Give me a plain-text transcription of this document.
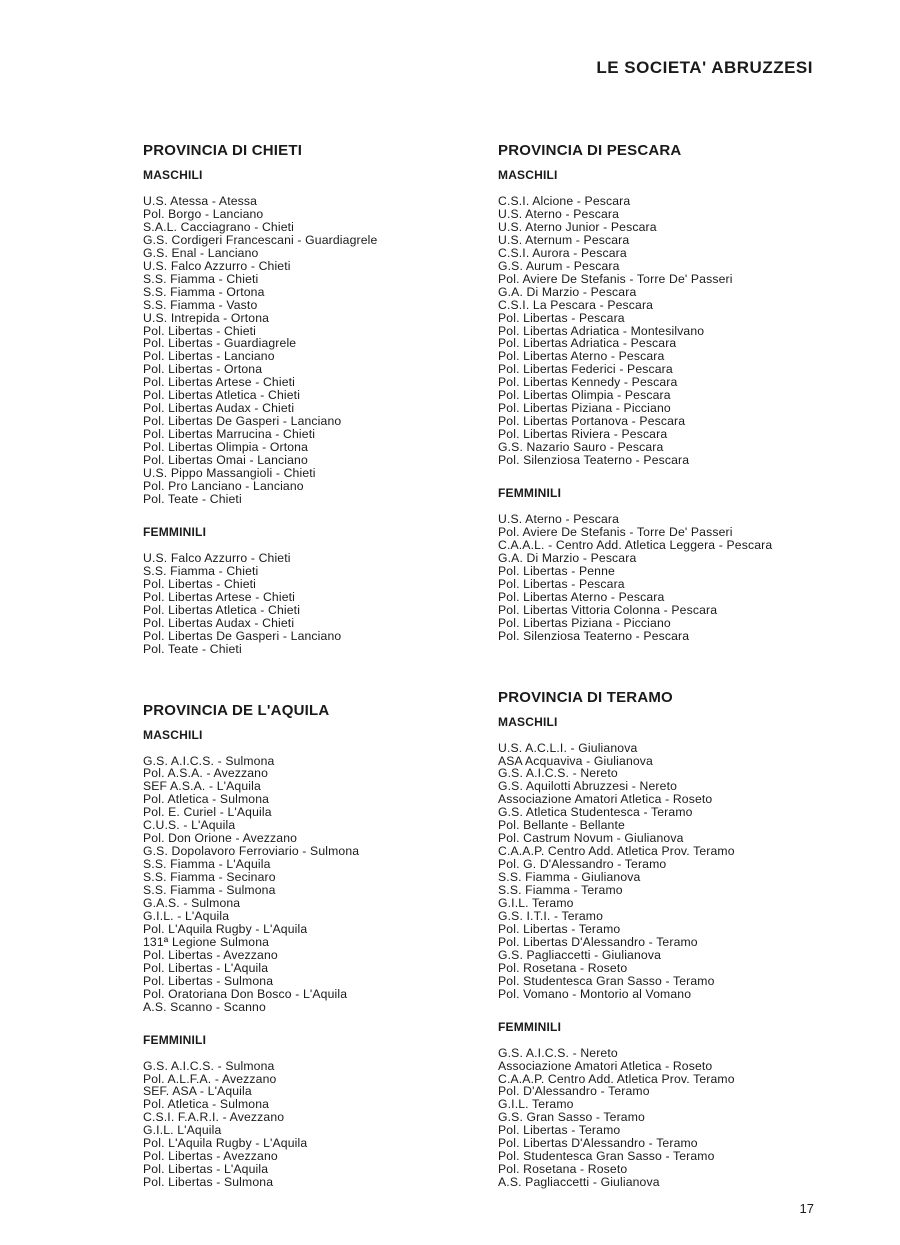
LE SOCIETA' ABRUZZESI
PROVINCIA DI CHIETI
MASCHILI
U.S. Atessa - Atessa
Pol. Borgo - Lanciano
S.A.L. Cacciagrano - Chieti
G.S. Cordigeri Francescani - Guardiagrele
G.S. Enal - Lanciano
U.S. Falco Azzurro - Chieti
S.S. Fiamma - Chieti
S.S. Fiamma - Ortona
S.S. Fiamma - Vasto
U.S. Intrepida - Ortona
Pol. Libertas - Chieti
Pol. Libertas - Guardiagrele
Pol. Libertas - Lanciano
Pol. Libertas - Ortona
Pol. Libertas Artese - Chieti
Pol. Libertas Atletica - Chieti
Pol. Libertas Audax - Chieti
Pol. Libertas De Gasperi - Lanciano
Pol. Libertas Marrucina - Chieti
Pol. Libertas Olimpia - Ortona
Pol. Libertas Omai - Lanciano
U.S. Pippo Massangioli - Chieti
Pol. Pro Lanciano - Lanciano
Pol. Teate - Chieti
FEMMINILI
U.S. Falco Azzurro - Chieti
S.S. Fiamma - Chieti
Pol. Libertas - Chieti
Pol. Libertas Artese - Chieti
Pol. Libertas Atletica - Chieti
Pol. Libertas Audax - Chieti
Pol. Libertas De Gasperi - Lanciano
Pol. Teate - Chieti
PROVINCIA DE L'AQUILA
MASCHILI
G.S. A.I.C.S. - Sulmona
Pol. A.S.A. - Avezzano
SEF A.S.A. - L'Aquila
Pol. Atletica - Sulmona
Pol. E. Curiel - L'Aquila
C.U.S. - L'Aquila
Pol. Don Orione - Avezzano
G.S. Dopolavoro Ferroviario - Sulmona
S.S. Fiamma - L'Aquila
S.S. Fiamma - Secinaro
S.S. Fiamma - Sulmona
G.A.S. - Sulmona
G.I.L. - L'Aquila
Pol. L'Aquila Rugby - L'Aquila
131ª Legione Sulmona
Pol. Libertas - Avezzano
Pol. Libertas - L'Aquila
Pol. Libertas - Sulmona
Pol. Oratoriana Don Bosco - L'Aquila
A.S. Scanno - Scanno
FEMMINILI
G.S. A.I.C.S. - Sulmona
Pol. A.L.F.A. - Avezzano
SEF. ASA - L'Aquila
Pol. Atletica - Sulmona
C.S.I. F.A.R.I. - Avezzano
G.I.L. L'Aquila
Pol. L'Aquila Rugby - L'Aquila
Pol. Libertas - Avezzano
Pol. Libertas - L'Aquila
Pol. Libertas - Sulmona
PROVINCIA DI PESCARA
MASCHILI
C.S.I. Alcione - Pescara
U.S. Aterno - Pescara
U.S. Aterno Junior - Pescara
U.S. Aternum - Pescara
C.S.I. Aurora - Pescara
G.S. Aurum - Pescara
Pol. Aviere De Stefanis - Torre De' Passeri
G.A. Di Marzio - Pescara
C.S.I. La Pescara - Pescara
Pol. Libertas - Pescara
Pol. Libertas Adriatica - Montesilvano
Pol. Libertas Adriatica - Pescara
Pol. Libertas Aterno - Pescara
Pol. Libertas Federici - Pescara
Pol. Libertas Kennedy - Pescara
Pol. Libertas Olimpia - Pescara
Pol. Libertas Piziana - Picciano
Pol. Libertas Portanova - Pescara
Pol. Libertas Riviera - Pescara
G.S. Nazario Sauro - Pescara
Pol. Silenziosa Teaterno - Pescara
FEMMINILI
U.S. Aterno - Pescara
Pol. Aviere De Stefanis - Torre De' Passeri
C.A.A.L. - Centro Add. Atletica Leggera - Pescara
G.A. Di Marzio - Pescara
Pol. Libertas - Penne
Pol. Libertas - Pescara
Pol. Libertas Aterno - Pescara
Pol. Libertas Vittoria Colonna - Pescara
Pol. Libertas Piziana - Picciano
Pol. Silenziosa Teaterno - Pescara
PROVINCIA DI TERAMO
MASCHILI
U.S. A.C.L.I. - Giulianova
ASA Acquaviva - Giulianova
G.S. A.I.C.S. - Nereto
G.S. Aquilotti Abruzzesi - Nereto
Associazione Amatori Atletica - Roseto
G.S. Atletica Studentesca - Teramo
Pol. Bellante - Bellante
Pol. Castrum Novum - Giulianova
C.A.A.P. Centro Add. Atletica Prov. Teramo
Pol. G. D'Alessandro - Teramo
S.S. Fiamma - Giulianova
S.S. Fiamma - Teramo
G.I.L. Teramo
G.S. I.T.I. - Teramo
Pol. Libertas - Teramo
Pol. Libertas D'Alessandro - Teramo
G.S. Pagliaccetti - Giulianova
Pol. Rosetana - Roseto
Pol. Studentesca Gran Sasso - Teramo
Pol. Vomano - Montorio al Vomano
FEMMINILI
G.S. A.I.C.S. - Nereto
Associazione Amatori Atletica - Roseto
C.A.A.P. Centro Add. Atletica Prov. Teramo
Pol. D'Alessandro - Teramo
G.I.L. Teramo
G.S. Gran Sasso - Teramo
Pol. Libertas - Teramo
Pol. Libertas D'Alessandro - Teramo
Pol. Studentesca Gran Sasso - Teramo
Pol. Rosetana - Roseto
A.S. Pagliaccetti - Giulianova
17
